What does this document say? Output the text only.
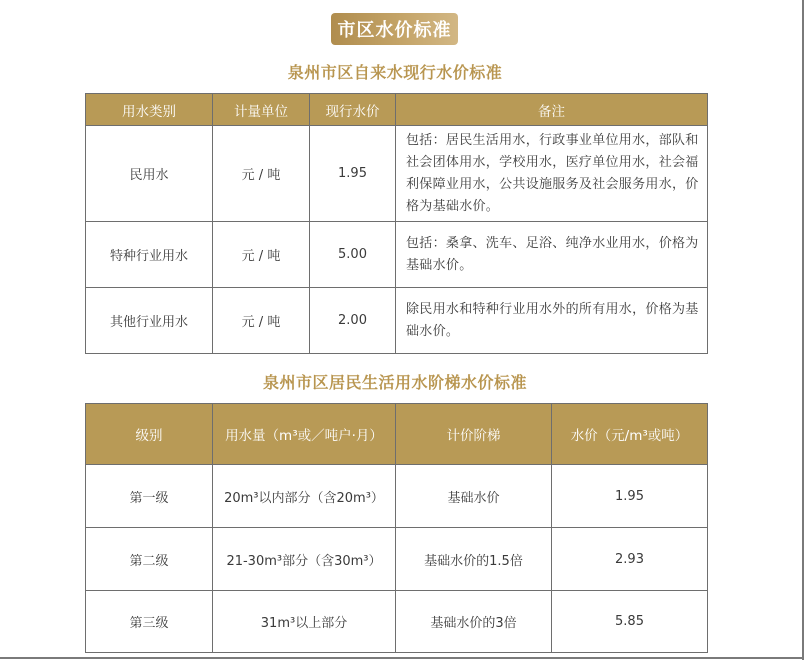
市区水价标准
泉州市区自来水现行水价标准
用水类别	计量单位	现行水价	备注
民用水	元 / 吨	1.95	包括：居民生活用水，行政事业单位用水，部队和社会团体用水，学校用水，医疗单位用水，社会福利保障业用水，公共设施服务及社会服务用水，价格为基础水价。
特种行业用水	元 / 吨	5.00	包括：桑拿、洗车、足浴、纯净水业用水，价格为基础水价。
其他行业用水	元 / 吨	2.00	除民用水和特种行业用水外的所有用水，价格为基础水价。
泉州市区居民生活用水阶梯水价标准
级别	用水量（m³或／吨户·月）	计价阶梯	水价（元/m³或吨）
第一级	20m³以内部分（含20m³）	基础水价	1.95
第二级	21-30m³部分（含30m³）	基础水价的1.5倍	2.93
第三级	31m³以上部分	基础水价的3倍	5.85
